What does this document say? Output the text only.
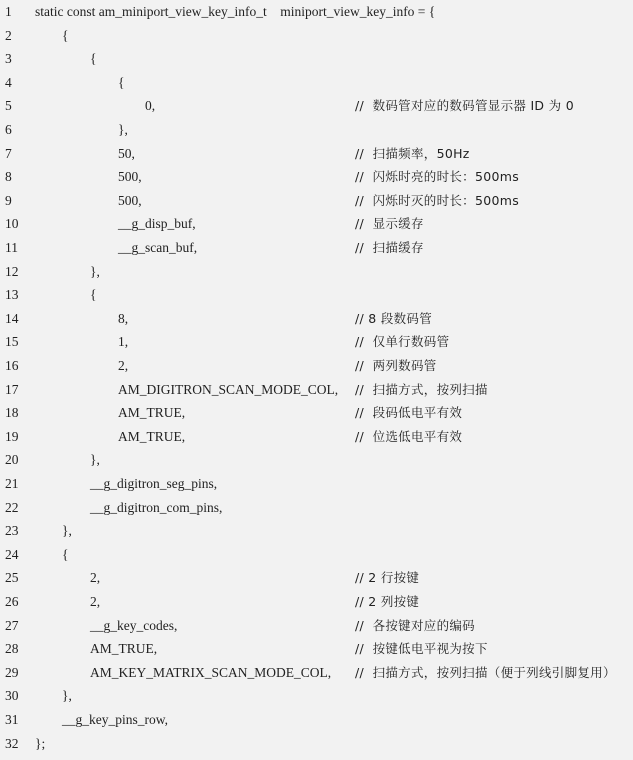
1 static const am_miniport_view_key_info_t    miniport_view_key_info = {
2	{
3	{
4	{
5	0,	//  数码管对应的数码管显示器 ID 为 0
6	},
7	50,	//  扫描频率，50Hz
8	500,	//  闪烁时亮的时长：500ms
9	500,	//  闪烁时灭的时长：500ms
10	__g_disp_buf,	//  显示缓存
11	__g_scan_buf,	//  扫描缓存
12	},
13	{
14	8,	// 8 段数码管
15	1,	//  仅单行数码管
16	2,	//  两列数码管
17	AM_DIGITRON_SCAN_MODE_COL, //  扫描方式，按列扫描
18	AM_TRUE,	//  段码低电平有效
19	AM_TRUE,	//  位选低电平有效
20	},
21	__g_digitron_seg_pins,
22	__g_digitron_com_pins,
23	},
24	{
25	2,	// 2 行按键
26	2,	// 2 列按键
27	__g_key_codes,	//  各按键对应的编码
28	AM_TRUE,	//  按键低电平视为按下
29	AM_KEY_MATRIX_SCAN_MODE_COL, //  扫描方式，按列扫描（便于列线引脚复用）
30	},
31	__g_key_pins_row,
32 };
